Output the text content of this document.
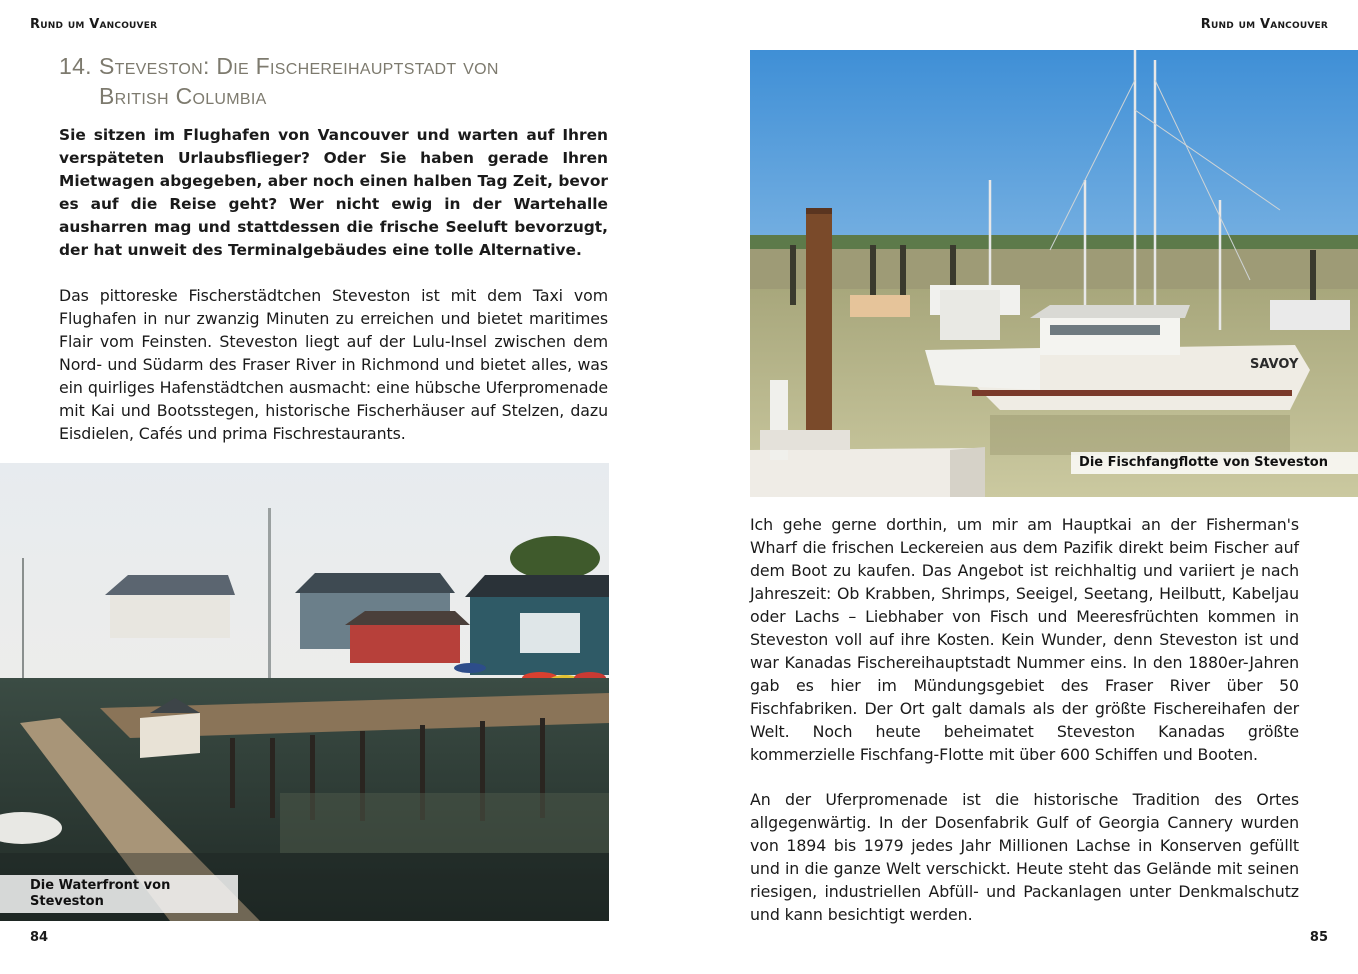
Rund um Vancouver	Rund um Vancouver
14. Steveston: Die Fischereihauptstadt von
British Columbia

Sie sitzen im Flughafen von Vancouver und warten auf Ihren verspäteten Urlaubsflieger? Oder Sie haben gerade Ihren Mietwagen abgegeben, aber noch einen halben Tag Zeit, bevor es auf die Reise geht? Wer nicht ewig in der Wartehalle ausharren mag und stattdessen die frische Seeluft bevorzugt, der hat unweit des Terminalgebäudes eine tolle Alternative.

Das pittoreske Fischerstädtchen Steveston ist mit dem Taxi vom Flughafen in nur zwanzig Minuten zu erreichen und bietet maritimes Flair vom Feinsten. Steveston liegt auf der Lulu-Insel zwischen dem Nord- und Südarm des Fraser River in Richmond und bietet alles, was ein quirliges Hafenstädtchen ausmacht: eine hübsche Uferpromenade mit Kai und Bootsstegen, historische Fischerhäuser auf Stelzen, dazu Eisdielen, Cafés und prima Fischrestaurants.

Die Waterfront von Steveston
SAVOY
Die Fischfangflotte von Steveston

Ich gehe gerne dorthin, um mir am Hauptkai an der Fisherman's Wharf die frischen Leckereien aus dem Pazifik direkt beim Fischer auf dem Boot zu kaufen. Das Angebot ist reichhaltig und variiert je nach Jahreszeit: Ob Krabben, Shrimps, Seeigel, Seetang, Heilbutt, Kabeljau oder Lachs – Liebhaber von Fisch und Meeresfrüchten kommen in Steveston voll auf ihre Kosten. Kein Wunder, denn Steveston ist und war Kanadas Fischereihauptstadt Nummer eins. In den 1880er-Jahren gab es hier im Mündungsgebiet des Fraser River über 50 Fischfabriken. Der Ort galt damals als der größte Fischereihafen der Welt. Noch heute beheimatet Steveston Kanadas größte kommerzielle Fischfang-Flotte mit über 600 Schiffen und Booten.

An der Uferpromenade ist die historische Tradition des Ortes allgegenwärtig. In der Dosenfabrik Gulf of Georgia Cannery wurden von 1894 bis 1979 jedes Jahr Millionen Lachse in Konserven gefüllt und in die ganze Welt verschickt. Heute steht das Gelände mit seinen riesigen, industriellen Abfüll- und Packanlagen unter Denkmalschutz und kann besichtigt werden.

84	85
